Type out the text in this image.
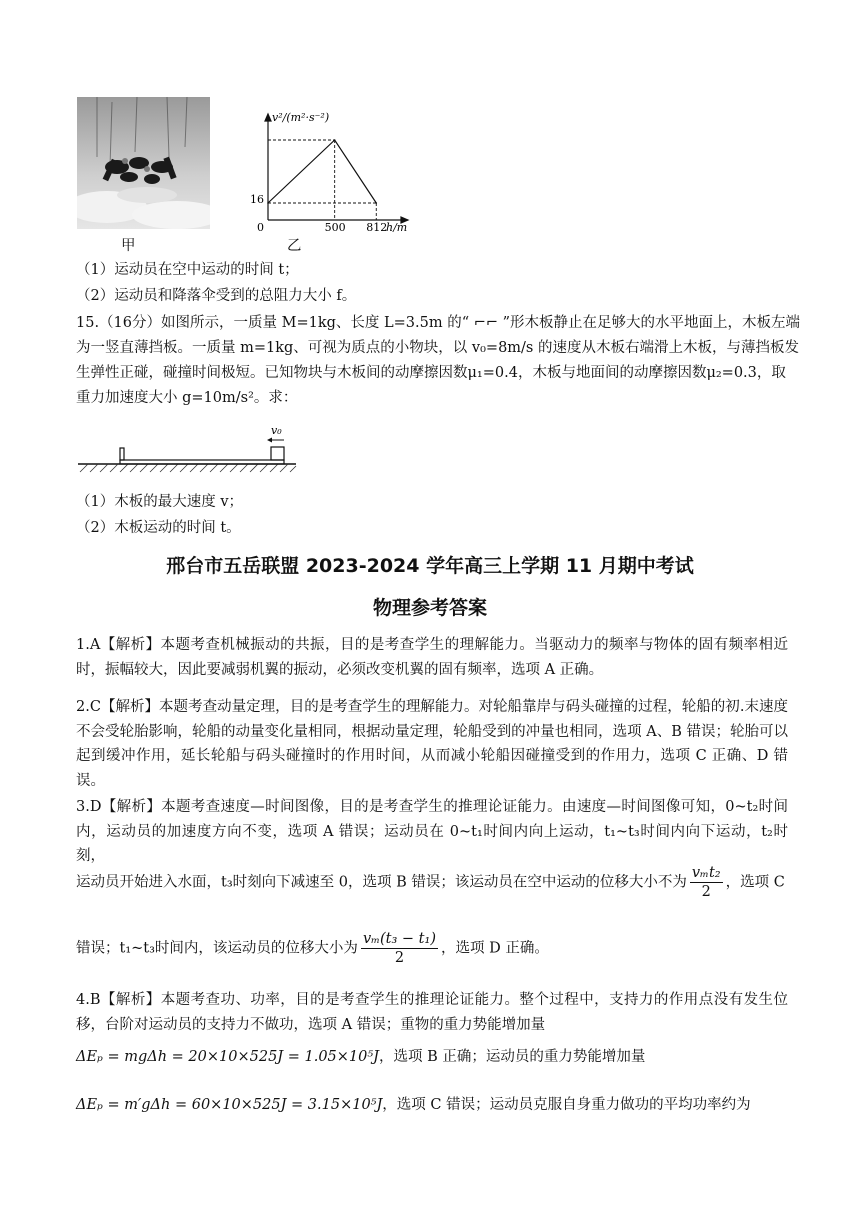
甲
v²/(m²·s⁻²)
h/m
0
16
500 812
乙
（1）运动员在空中运动的时间 t；
（2）运动员和降落伞受到的总阻力大小 f。
15.（16分）如图所示，一质量 M=1kg、长度 L=3.5m 的“ ⌐⌐ ”形木板静止在足够大的水平地面上，木板左端
为一竖直薄挡板。一质量 m=1kg、可视为质点的小物块，以 v₀=8m/s 的速度从木板右端滑上木板，与薄挡板发
生弹性正碰，碰撞时间极短。已知物块与木板间的动摩擦因数μ₁=0.4，木板与地面间的动摩擦因数μ₂=0.3，取
重力加速度大小 g=10m/s²。求：
v₀
（1）木板的最大速度 v；
（2）木板运动的时间 t。
邢台市五岳联盟 2023-2024 学年高三上学期 11 月期中考试
物理参考答案
1.A【解析】本题考查机械振动的共振，目的是考查学生的理解能力。当驱动力的频率与物体的固有频率相近时，振幅较大，因此要减弱机翼的振动，必须改变机翼的固有频率，选项 A 正确。
2.C【解析】本题考查动量定理，目的是考查学生的理解能力。对轮船靠岸与码头碰撞的过程，轮船的初.末速度不会受轮胎影响，轮船的动量变化量相同，根据动量定理，轮船受到的冲量也相同，选项 A、B 错误；轮胎可以起到缓冲作用，延长轮船与码头碰撞时的作用时间，从而减小轮船因碰撞受到的作用力，选项 C 正确、D 错误。
3.D【解析】本题考查速度—时间图像，目的是考查学生的推理论证能力。由速度—时间图像可知，0~t₂时间内，运动员的加速度方向不变，选项 A 错误；运动员在 0~t₁时间内向上运动，t₁~t₃时间内向下运动，t₂时刻，
运动员开始进入水面，t₃时刻向下减速至 0，选项 B 错误；该运动员在空中运动的位移大小不为 $\frac{\text{vₘt₂}}{2}$ ，选项 C
错误；t₁~t₃时间内，该运动员的位移大小为 $\frac{\text{vₘ(t₃ − t₁)}}{2}$ ，选项 D 正确。
4.B【解析】本题考查功、功率，目的是考查学生的推理论证能力。整个过程中，支持力的作用点没有发生位移，台阶对运动员的支持力不做功，选项 A 错误；重物的重力势能增加量
ΔEₚ = mgΔh = 20×10×525J = 1.05×10⁵J，选项 B 正确；运动员的重力势能增加量
ΔEₚ = m′gΔh = 60×10×525J = 3.15×10⁵J，选项 C 错误；运动员克服自身重力做功的平均功率约为
